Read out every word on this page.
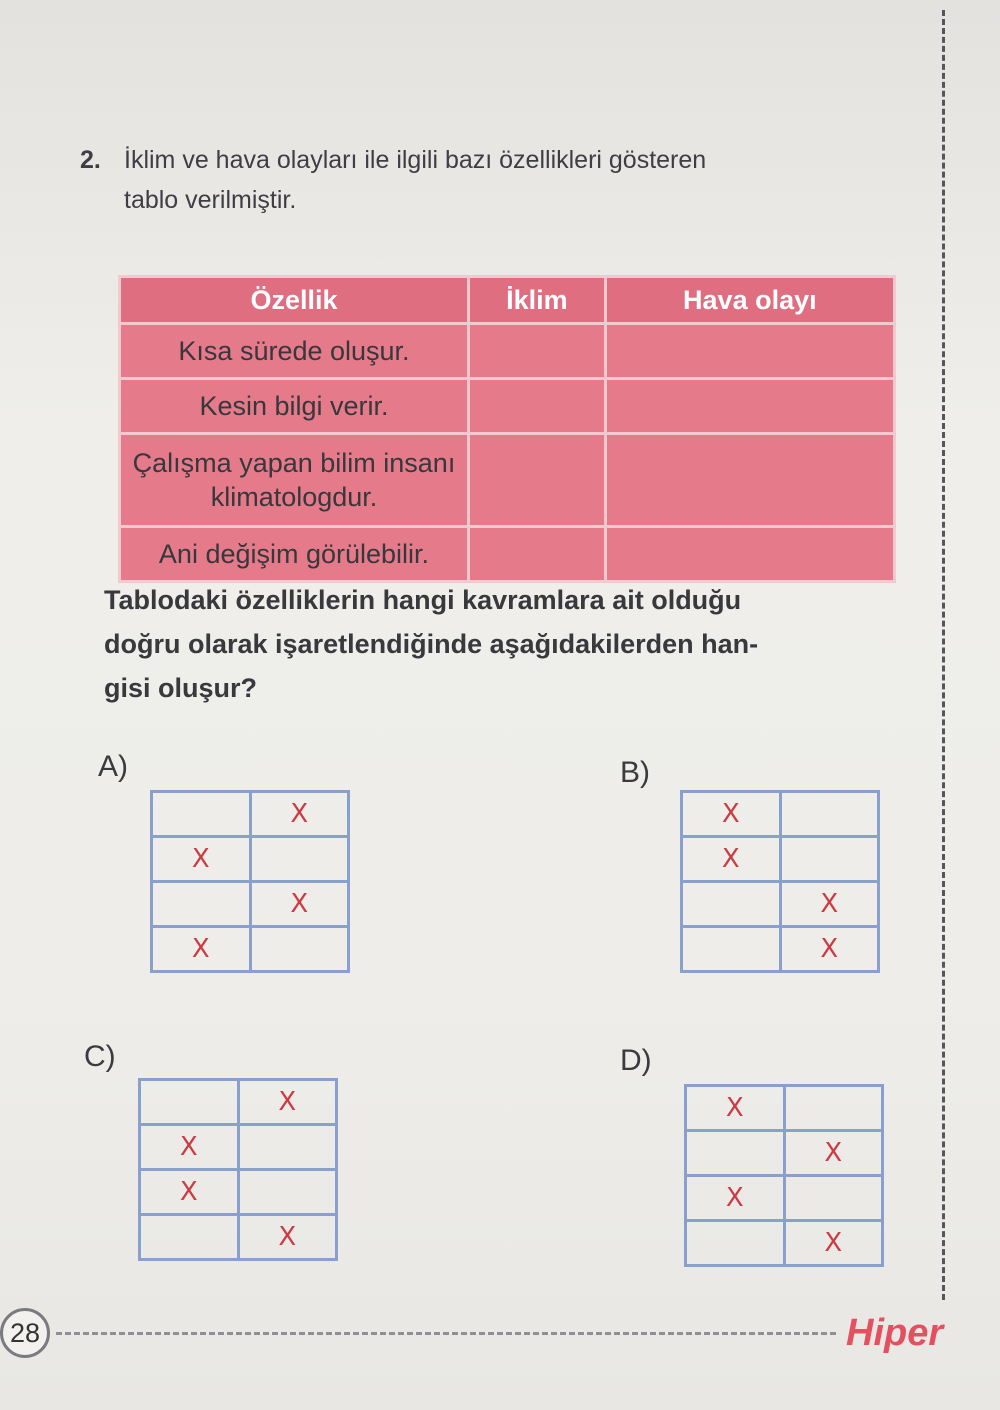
2. İklim ve hava olayları ile ilgili bazı özellikleri gösteren
tablo verilmiştir.
Özellik	İklim	Hava olayı
Kısa sürede oluşur.		
Kesin bilgi verir.		
Çalışma yapan bilim insanı klimatologdur.		
Ani değişim görülebilir.		
Tablodaki özelliklerin hangi kavramlara ait olduğu
doğru olarak işaretlendiğinde aşağıdakilerden han-
gisi oluşur?
A)
	X
X	
	X
X	
B)
X	
X	
	X
	X
C)
	X
X	
X	
	X
D)
X	
	X
X	
	X
28	Hiper
